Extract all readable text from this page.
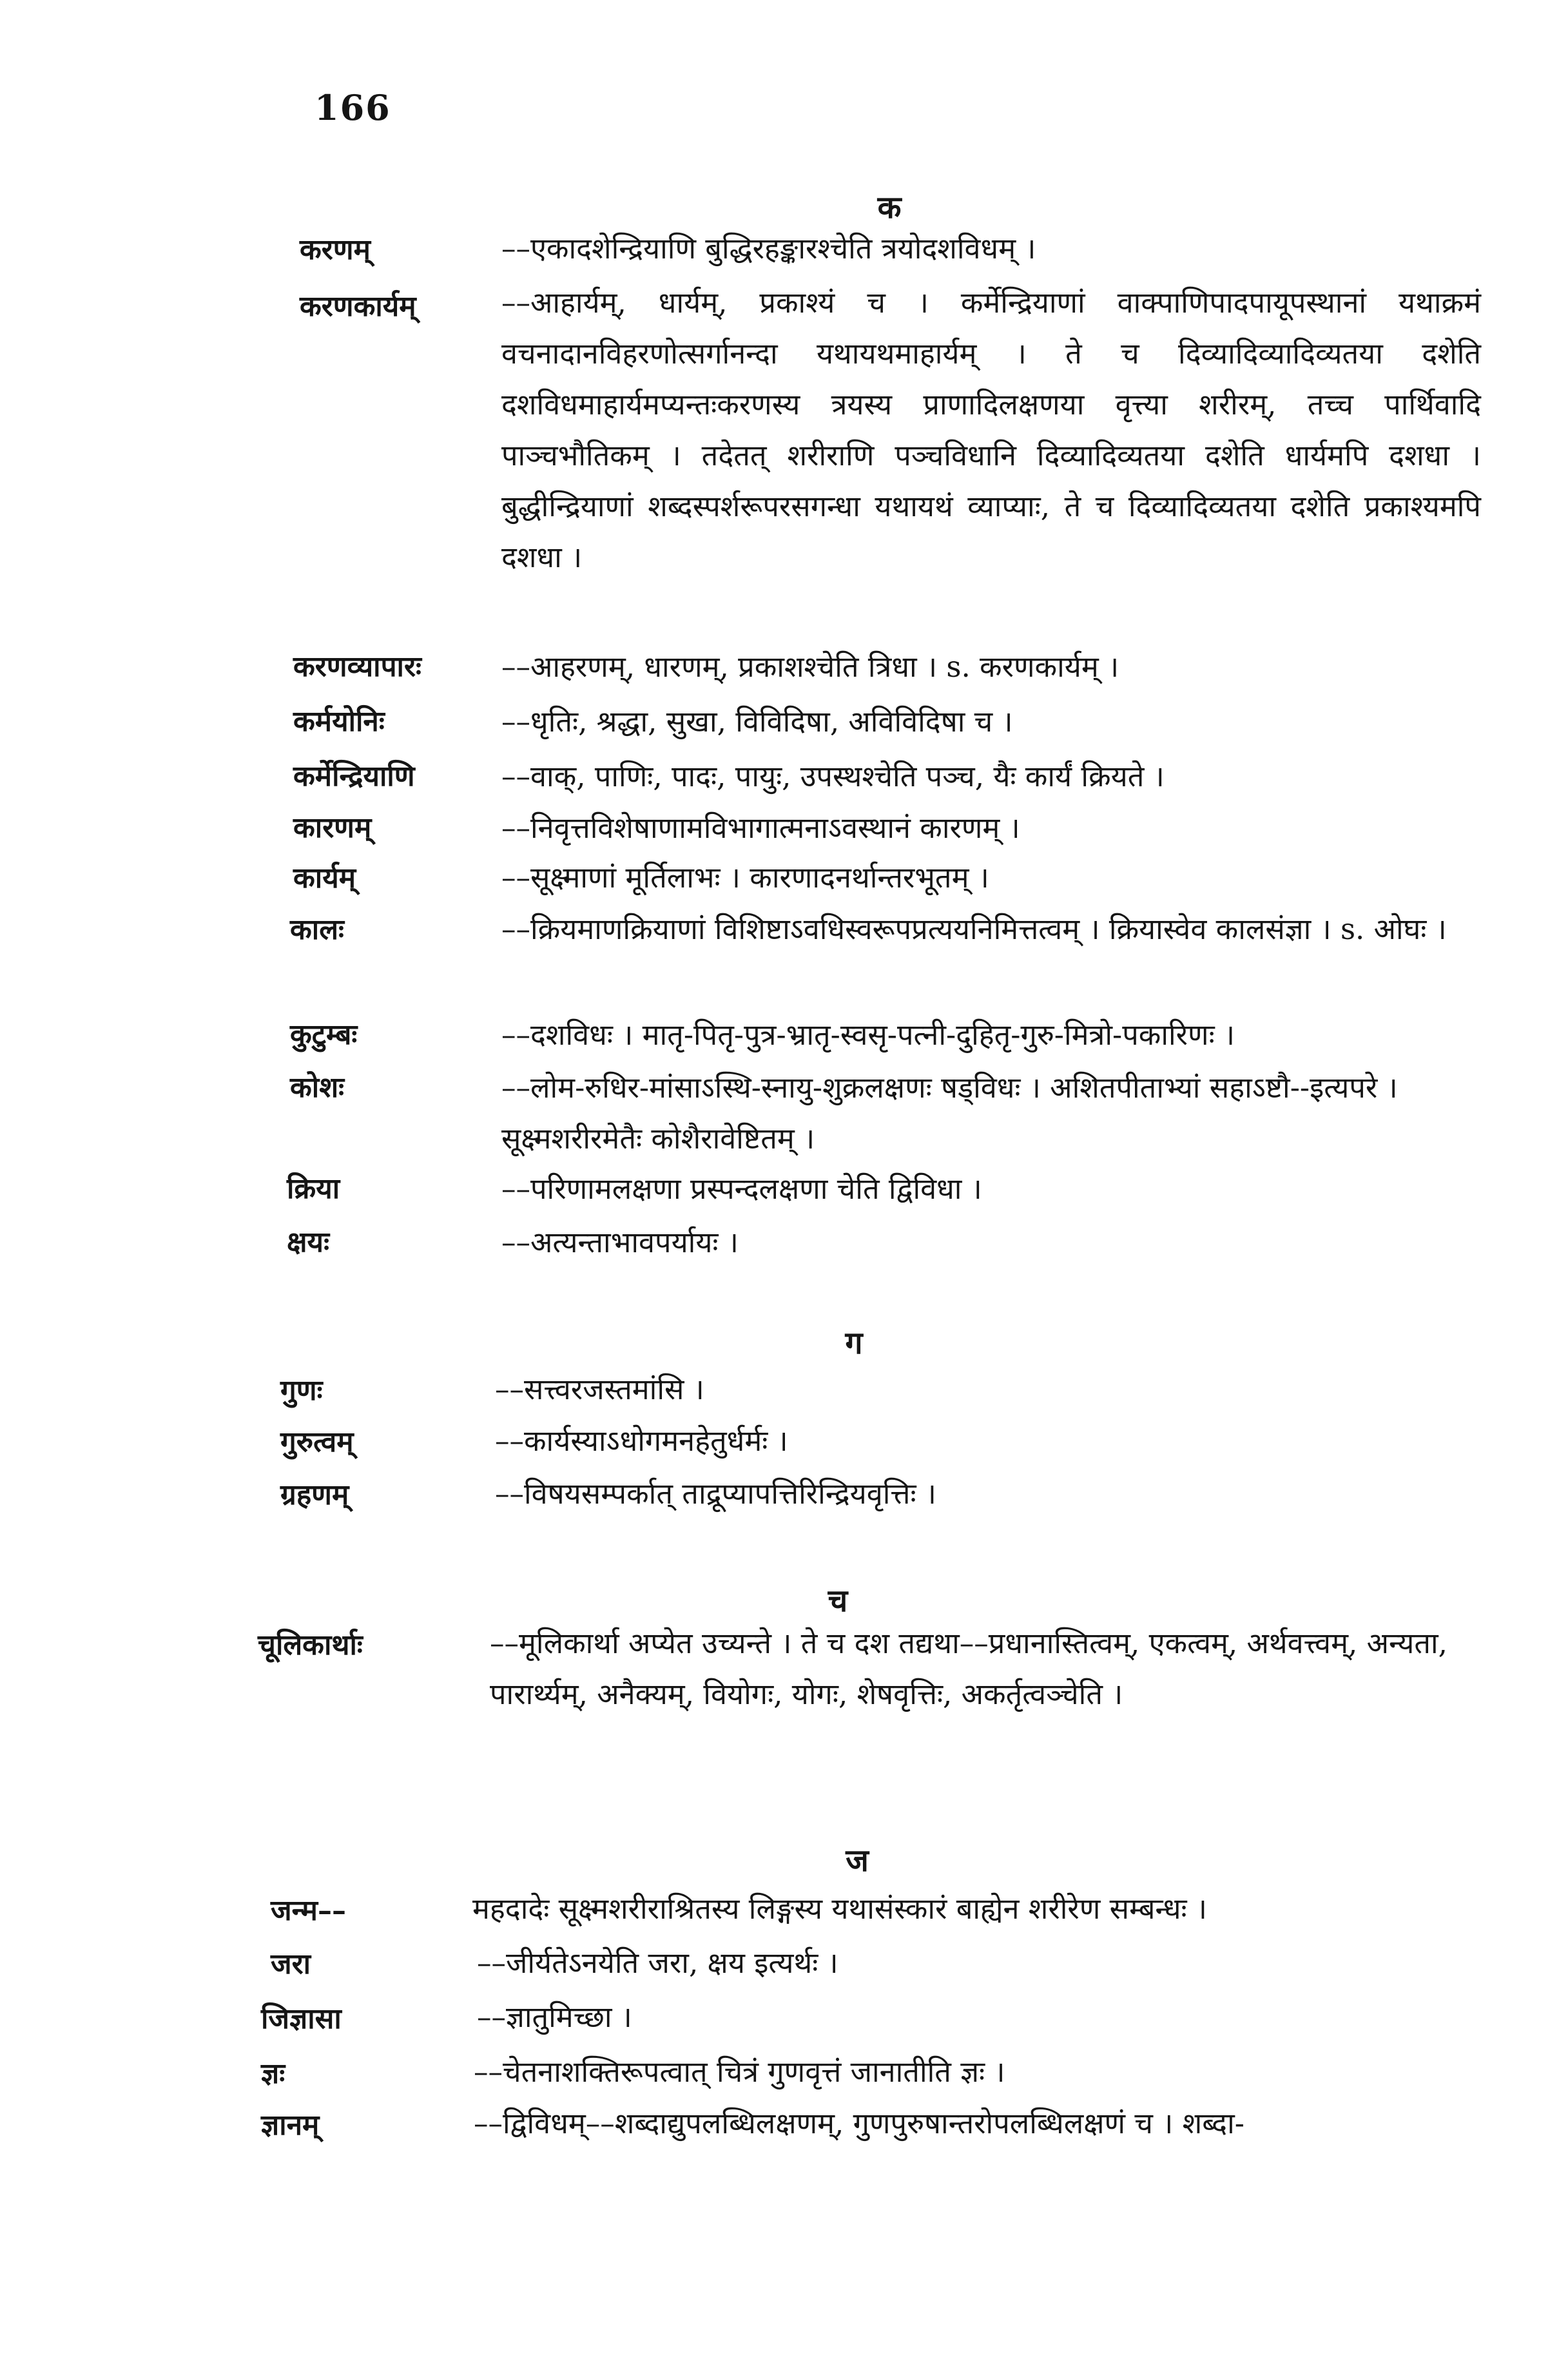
166
क
करणम्	––एकादशेन्द्रियाणि बुद्धिरहङ्कारश्चेति त्रयोदशविधम् ।
करणकार्यम्	––आहार्यम्, धार्यम्, प्रकाश्यं च । कर्मेन्द्रियाणां वाक्पाणिपादपायूपस्थानां यथाक्रमं वचनादानविहरणोत्सर्गानन्दा यथायथमाहार्यम् । ते च दिव्यादिव्यादिव्यतया दशेति दशविधमाहार्यमप्यन्तःकरणस्य त्रयस्य प्राणादिलक्षणया वृत्त्या शरीरम्, तच्च पार्थिवादि पाञ्चभौतिकम् । तदेतत् शरीराणि पञ्चविधानि दिव्यादिव्यतया दशेति धार्यमपि दशधा । बुद्धीन्द्रियाणां शब्दस्पर्शरूपरसगन्धा यथायथं व्याप्याः, ते च दिव्यादिव्यतया दशेति प्रकाश्यमपि दशधा ।
करणव्यापारः	––आहरणम्, धारणम्, प्रकाशश्चेति त्रिधा । s. करणकार्यम् ।
कर्मयोनिः	––धृतिः, श्रद्धा, सुखा, विविदिषा, अविविदिषा च ।
कर्मेन्द्रियाणि	––वाक्, पाणिः, पादः, पायुः, उपस्थश्चेति पञ्च, यैः कार्यं क्रियते ।
कारणम्	––निवृत्तविशेषाणामविभागात्मनाऽवस्थानं कारणम् ।
कार्यम्	––सूक्ष्माणां मूर्तिलाभः । कारणादनर्थान्तरभूतम् ।
कालः	––क्रियमाणक्रियाणां विशिष्टाऽवधिस्वरूपप्रत्ययनिमित्तत्वम् । क्रियास्वेव कालसंज्ञा । s. ओघः ।
कुटुम्बः	––दशविधः । मातृ-पितृ-पुत्र-भ्रातृ-स्वसृ-पत्नी-दुहितृ-गुरु-मित्रो-पकारिणः ।
कोशः	––लोम-रुधिर-मांसाऽस्थि-स्नायु-शुक्रलक्षणः षड्विधः । अशितपीताभ्यां सहाऽष्टौ--इत्यपरे । सूक्ष्मशरीरमेतैः कोशैरावेष्टितम् ।
क्रिया	––परिणामलक्षणा प्रस्पन्दलक्षणा चेति द्विविधा ।
क्षयः	––अत्यन्ताभावपर्यायः ।
ग
गुणः	––सत्त्वरजस्तमांसि ।
गुरुत्वम्	––कार्यस्याऽधोगमनहेतुर्धर्मः ।
ग्रहणम्	––विषयसम्पर्कात् ताद्रूप्यापत्तिरिन्द्रियवृत्तिः ।
च
चूलिकार्थाः	––मूलिकार्था अप्येत उच्यन्ते । ते च दश तद्यथा––प्रधानास्तित्वम्, एकत्वम्, अर्थवत्त्वम्, अन्यता, पारार्थ्यम्, अनैक्यम्, वियोगः, योगः, शेषवृत्तिः, अकर्तृत्वञ्चेति ।
ज
जन्म––	महदादेः सूक्ष्मशरीराश्रितस्य लिङ्गस्य यथासंस्कारं बाह्येन शरीरेण सम्बन्धः ।
जरा	––जीर्यतेऽनयेति जरा, क्षय इत्यर्थः ।
जिज्ञासा	––ज्ञातुमिच्छा ।
ज्ञः	––चेतनाशक्तिरूपत्वात् चित्रं गुणवृत्तं जानातीति ज्ञः ।
ज्ञानम्	––द्विविधम्––शब्दाद्युपलब्धिलक्षणम्, गुणपुरुषान्तरोपलब्धिलक्षणं च । शब्दा-
